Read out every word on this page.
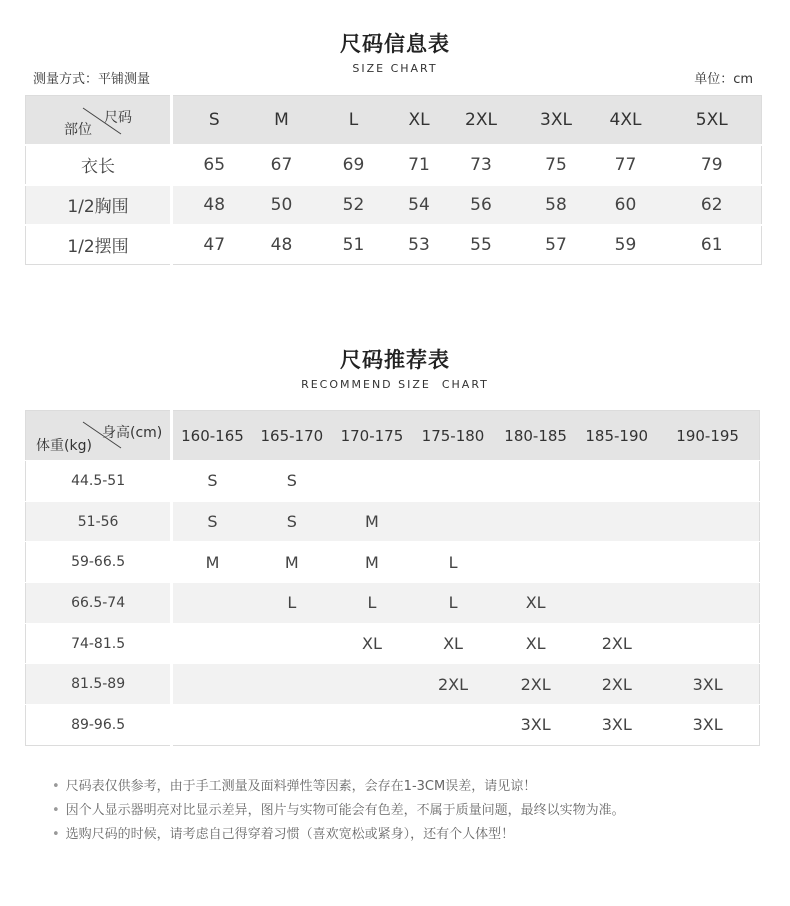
尺码信息表
SIZE CHART
测量方式：平铺测量	单位：cm
尺码
部位	S	M	L	XL	2XL	3XL	4XL	5XL
衣长	65	67	69	71	73	75	77	79
1/2胸围	48	50	52	54	56	58	60	62
1/2摆围	47	48	51	53	55	57	59	61
尺码推荐表
RECOMMEND SIZE  CHART
身高(cm)
体重(kg)	160-165	165-170	170-175	175-180	180-185	185-190	190-195
44.5-51	S	S					
51-56	S	S	M				
59-66.5	M	M	M	L			
66.5-74		L	L	L	XL		
74-81.5			XL	XL	XL	2XL	
81.5-89				2XL	2XL	2XL	3XL
89-96.5					3XL	3XL	3XL
• 尺码表仅供参考，由于手工测量及面料弹性等因素，会存在1-3CM误差，请见谅！
• 因个人显示器明亮对比显示差异，图片与实物可能会有色差，不属于质量问题，最终以实物为准。
• 选购尺码的时候，请考虑自己得穿着习惯（喜欢宽松或紧身），还有个人体型！
